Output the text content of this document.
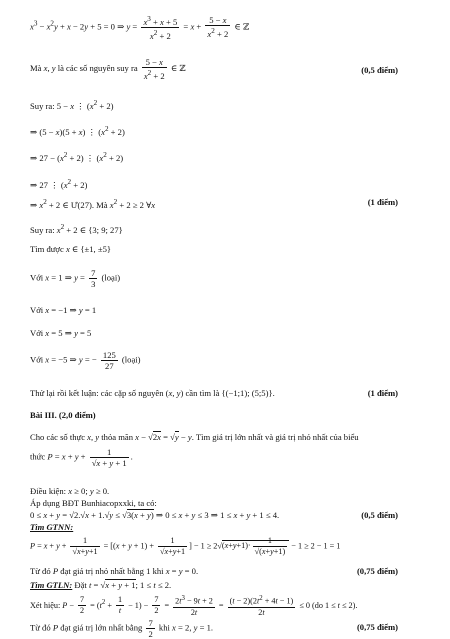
$x^3 - x^2y + x - 2y + 5 = 0$ ⇒ $y = \frac{x^3 + x + 5}{x^2 + 2} = x + \frac{5 - x}{x^2 + 2}$ ∈ ℤ
Mà x, y là các số nguyên suy ra $\frac{5 - x}{x^2 + 2}$ ∈ ℤ	(0,5 điểm)
Suy ra: 5 − x ⋮ $(x^2 + 2)$
⇒ (5 − x)(5 + x) ⋮ $(x^2 + 2)$
⇒ $27 - (x^2 + 2)$ ⋮ $(x^2 + 2)$
⇒ 27 ⋮ $(x^2 + 2)$
⇒ $x^2 + 2$ ∈ Ư(27). Mà $x^2 + 2 \ge 2$ ∀x	(1 điểm)
Suy ra: $x^2 + 2$ ∈ {3; 9; 27}
Tìm được x ∈ {±1, ±5}
Với x = 1 ⇒ $y = \frac{7}{3}$ (loại)
Với x = −1 ⇒ y = 1
Với x = 5 ⇒ y = 5
Với x = −5 ⇒ y = − $\frac{125}{27}$ (loại)
Thử lại rồi kết luận: các cặp số nguyên (x, y) cần tìm là {(−1;1); (5;5)}.	(1 điểm)
Bài III. (2,0 điểm)
Cho các số thực x, y thỏa mãn x − √2x = √y − y. Tìm giá trị lớn nhất và giá trị nhỏ nhất của biểu
thức $P = x + y + \frac{1}{√x + y + 1}$ .
Điều kiện: x ≥ 0; y ≥ 0.
Áp dụng BĐT Bunhiacopxxki, ta có:
0 ≤ x + y = √2.√x + 1.√y ≤ √3(x + y) ⇒ 0 ≤ x + y ≤ 3 ⇒ 1 ≤ x + y + 1 ≤ 4.	(0,5 điểm)
Tìm GTNN:
$P = x + y + \frac{1}{√x+y+1} = [(x + y + 1) + \frac{1}{√x+y+1}$ ] − $1 \ge 2√(x+y+1)\cdot \frac{1}{√(x+y+1)} - 1 \ge 2 - 1 = 1$
Từ đó P đạt giá trị nhỏ nhất bằng 1 khi x = y = 0.	(0,75 điểm)
Tìm GTLN: Đặt t = √x + y + 1; 1 ≤ t ≤ 2.
Xét hiệu: $P - \frac{7}{2} = (t^2 + \frac{1}{t} - 1) - \frac{7}{2} = \frac{2t^3 - 9t + 2}{2t} = \frac{(t - 2)(2t^2 + 4t - 1)}{2t} \le 0$ (do 1 ≤ t ≤ 2).
Từ đó P đạt giá trị lớn nhất bằng $\frac{7}{2}$ khi x = 2, y = 1.	(0,75 điểm)
